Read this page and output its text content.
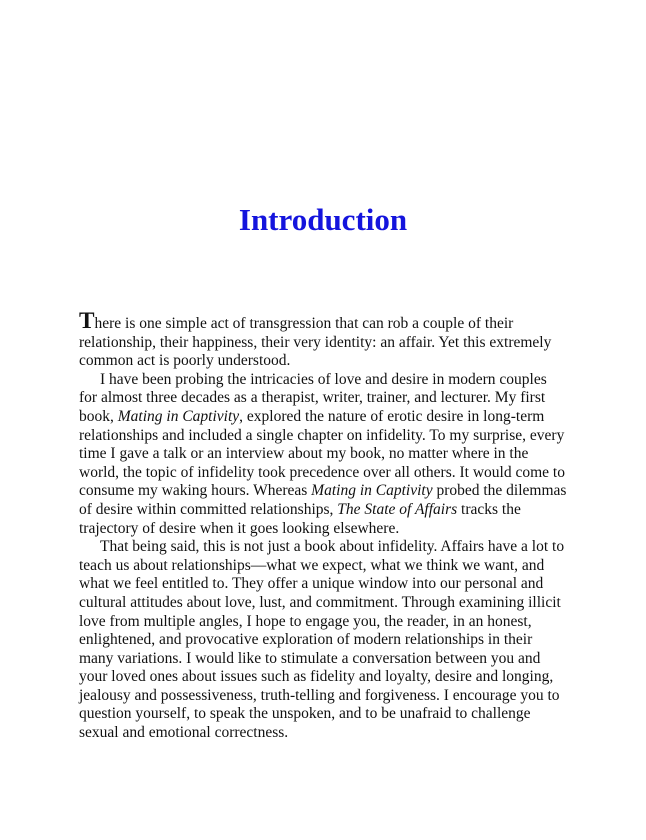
Introduction

There is one simple act of transgression that can rob a couple of their relationship, their happiness, their very identity: an affair. Yet this extremely common act is poorly understood.

I have been probing the intricacies of love and desire in modern couples for almost three decades as a therapist, writer, trainer, and lecturer. My first book, Mating in Captivity, explored the nature of erotic desire in long-term relationships and included a single chapter on infidelity. To my surprise, every time I gave a talk or an interview about my book, no matter where in the world, the topic of infidelity took precedence over all others. It would come to consume my waking hours. Whereas Mating in Captivity probed the dilemmas of desire within committed relationships, The State of Affairs tracks the trajectory of desire when it goes looking elsewhere.

That being said, this is not just a book about infidelity. Affairs have a lot to teach us about relationships—what we expect, what we think we want, and what we feel entitled to. They offer a unique window into our personal and cultural attitudes about love, lust, and commitment. Through examining illicit love from multiple angles, I hope to engage you, the reader, in an honest, enlightened, and provocative exploration of modern relationships in their many variations. I would like to stimulate a conversation between you and your loved ones about issues such as fidelity and loyalty, desire and longing, jealousy and possessiveness, truth-telling and forgiveness. I encourage you to question yourself, to speak the unspoken, and to be unafraid to challenge sexual and emotional correctness.
